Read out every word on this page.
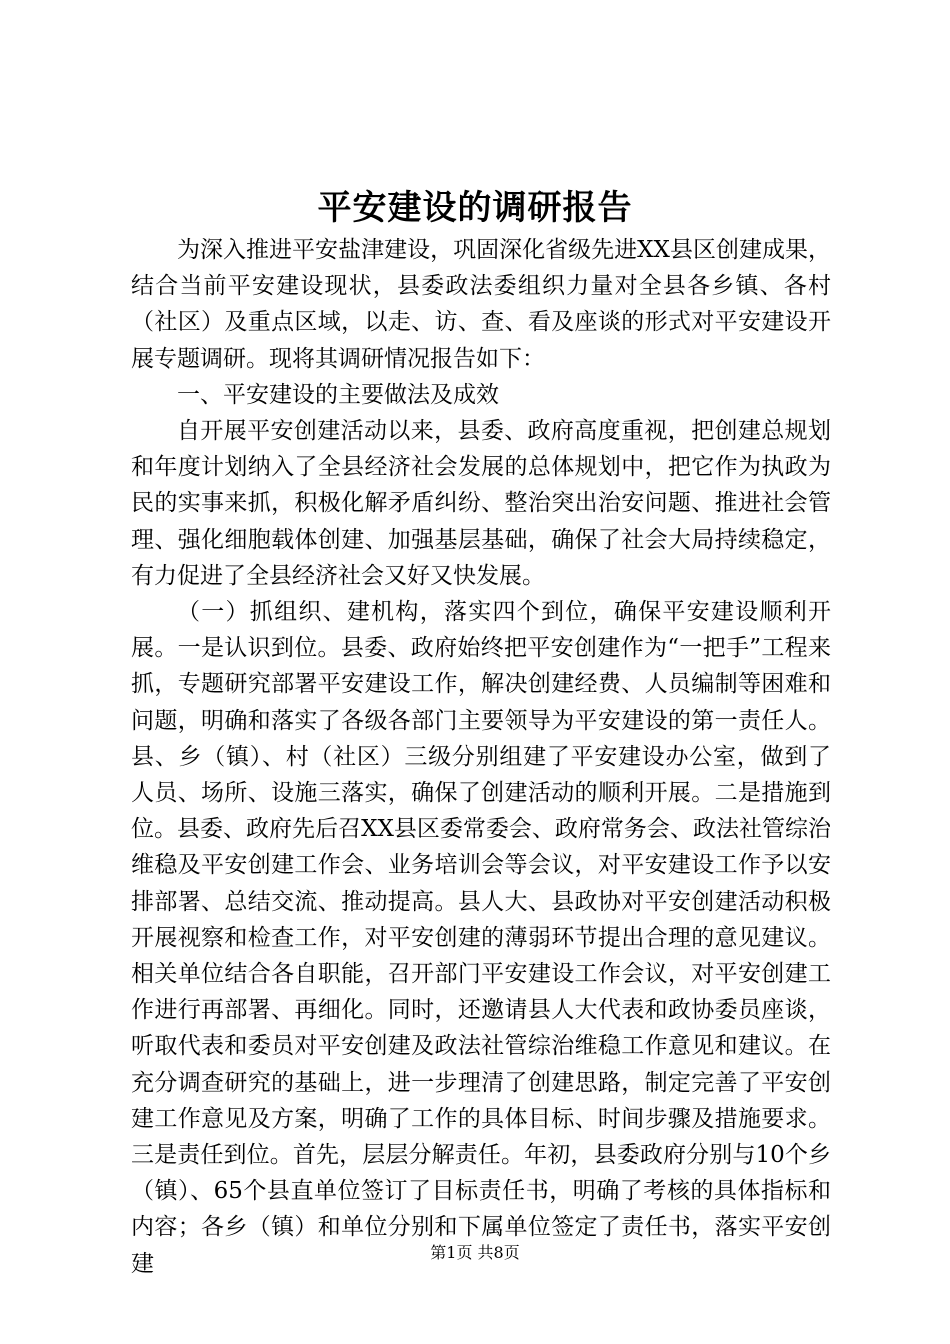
平安建设的调研报告

为深入推进平安盐津建设，巩固深化省级先进XX县区创建成果，结合当前平安建设现状，县委政法委组织力量对全县各乡镇、各村（社区）及重点区域，以走、访、查、看及座谈的形式对平安建设开展专题调研。现将其调研情况报告如下：

一、平安建设的主要做法及成效

自开展平安创建活动以来，县委、政府高度重视，把创建总规划和年度计划纳入了全县经济社会发展的总体规划中，把它作为执政为民的实事来抓，积极化解矛盾纠纷、整治突出治安问题、推进社会管理、强化细胞载体创建、加强基层基础，确保了社会大局持续稳定，有力促进了全县经济社会又好又快发展。

（一）抓组织、建机构，落实四个到位，确保平安建设顺利开展。一是认识到位。县委、政府始终把平安创建作为“一把手”工程来抓，专题研究部署平安建设工作，解决创建经费、人员编制等困难和问题，明确和落实了各级各部门主要领导为平安建设的第一责任人。县、乡（镇）、村（社区）三级分别组建了平安建设办公室，做到了人员、场所、设施三落实，确保了创建活动的顺利开展。二是措施到位。县委、政府先后召XX县区委常委会、政府常务会、政法社管综治维稳及平安创建工作会、业务培训会等会议，对平安建设工作予以安排部署、总结交流、推动提高。县人大、县政协对平安创建活动积极开展视察和检查工作，对平安创建的薄弱环节提出合理的意见建议。相关单位结合各自职能，召开部门平安建设工作会议，对平安创建工作进行再部署、再细化。同时，还邀请县人大代表和政协委员座谈，听取代表和委员对平安创建及政法社管综治维稳工作意见和建议。在充分调查研究的基础上，进一步理清了创建思路，制定完善了平安创建工作意见及方案，明确了工作的具体目标、时间步骤及措施要求。三是责任到位。首先，层层分解责任。年初，县委政府分别与10个乡（镇）、65个县直单位签订了目标责任书，明确了考核的具体指标和内容；各乡（镇）和单位分别和下属单位签定了责任书，落实平安创建	第1页 共8页
